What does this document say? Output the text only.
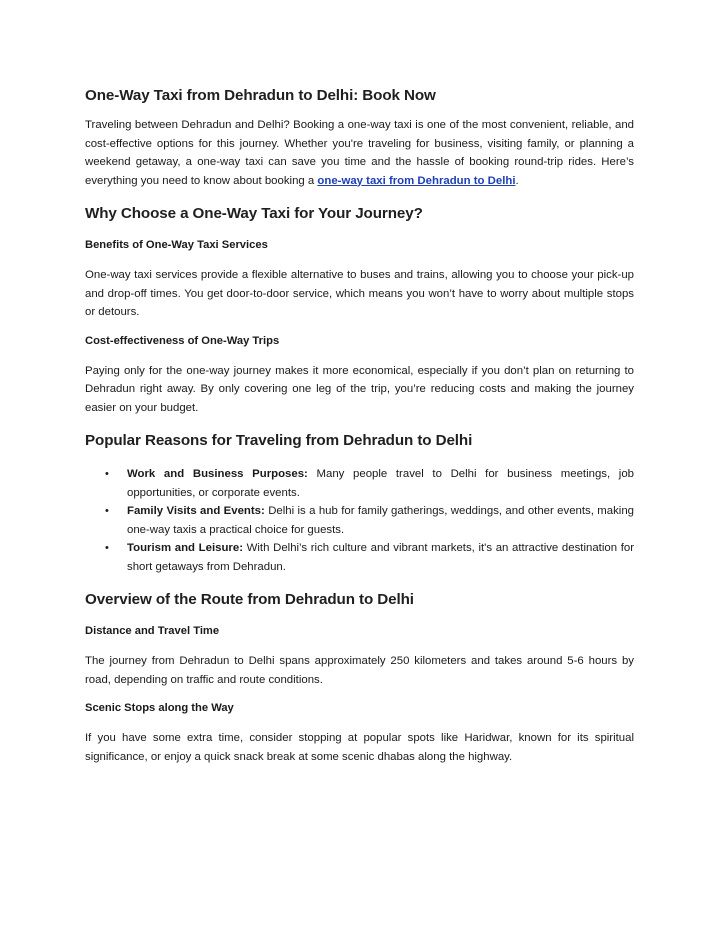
One-Way Taxi from Dehradun to Delhi: Book Now

Traveling between Dehradun and Delhi? Booking a one-way taxi is one of the most convenient, reliable, and cost-effective options for this journey. Whether you're traveling for business, visiting family, or planning a weekend getaway, a one-way taxi can save you time and the hassle of booking round-trip rides. Here’s everything you need to know about booking a one-way taxi from Dehradun to Delhi.

Why Choose a One-Way Taxi for Your Journey?
Benefits of One-Way Taxi Services

One-way taxi services provide a flexible alternative to buses and trains, allowing you to choose your pick-up and drop-off times. You get door-to-door service, which means you won’t have to worry about multiple stops or detours.

Cost-effectiveness of One-Way Trips

Paying only for the one-way journey makes it more economical, especially if you don’t plan on returning to Dehradun right away. By only covering one leg of the trip, you’re reducing costs and making the journey easier on your budget.

Popular Reasons for Traveling from Dehradun to Delhi
• Work and Business Purposes: Many people travel to Delhi for business meetings, job opportunities, or corporate events.
• Family Visits and Events: Delhi is a hub for family gatherings, weddings, and other events, making one-way taxis a practical choice for guests.
• Tourism and Leisure: With Delhi’s rich culture and vibrant markets, it's an attractive destination for short getaways from Dehradun.
Overview of the Route from Dehradun to Delhi
Distance and Travel Time

The journey from Dehradun to Delhi spans approximately 250 kilometers and takes around 5-6 hours by road, depending on traffic and route conditions.

Scenic Stops along the Way

If you have some extra time, consider stopping at popular spots like Haridwar, known for its spiritual significance, or enjoy a quick snack break at some scenic dhabas along the highway.
